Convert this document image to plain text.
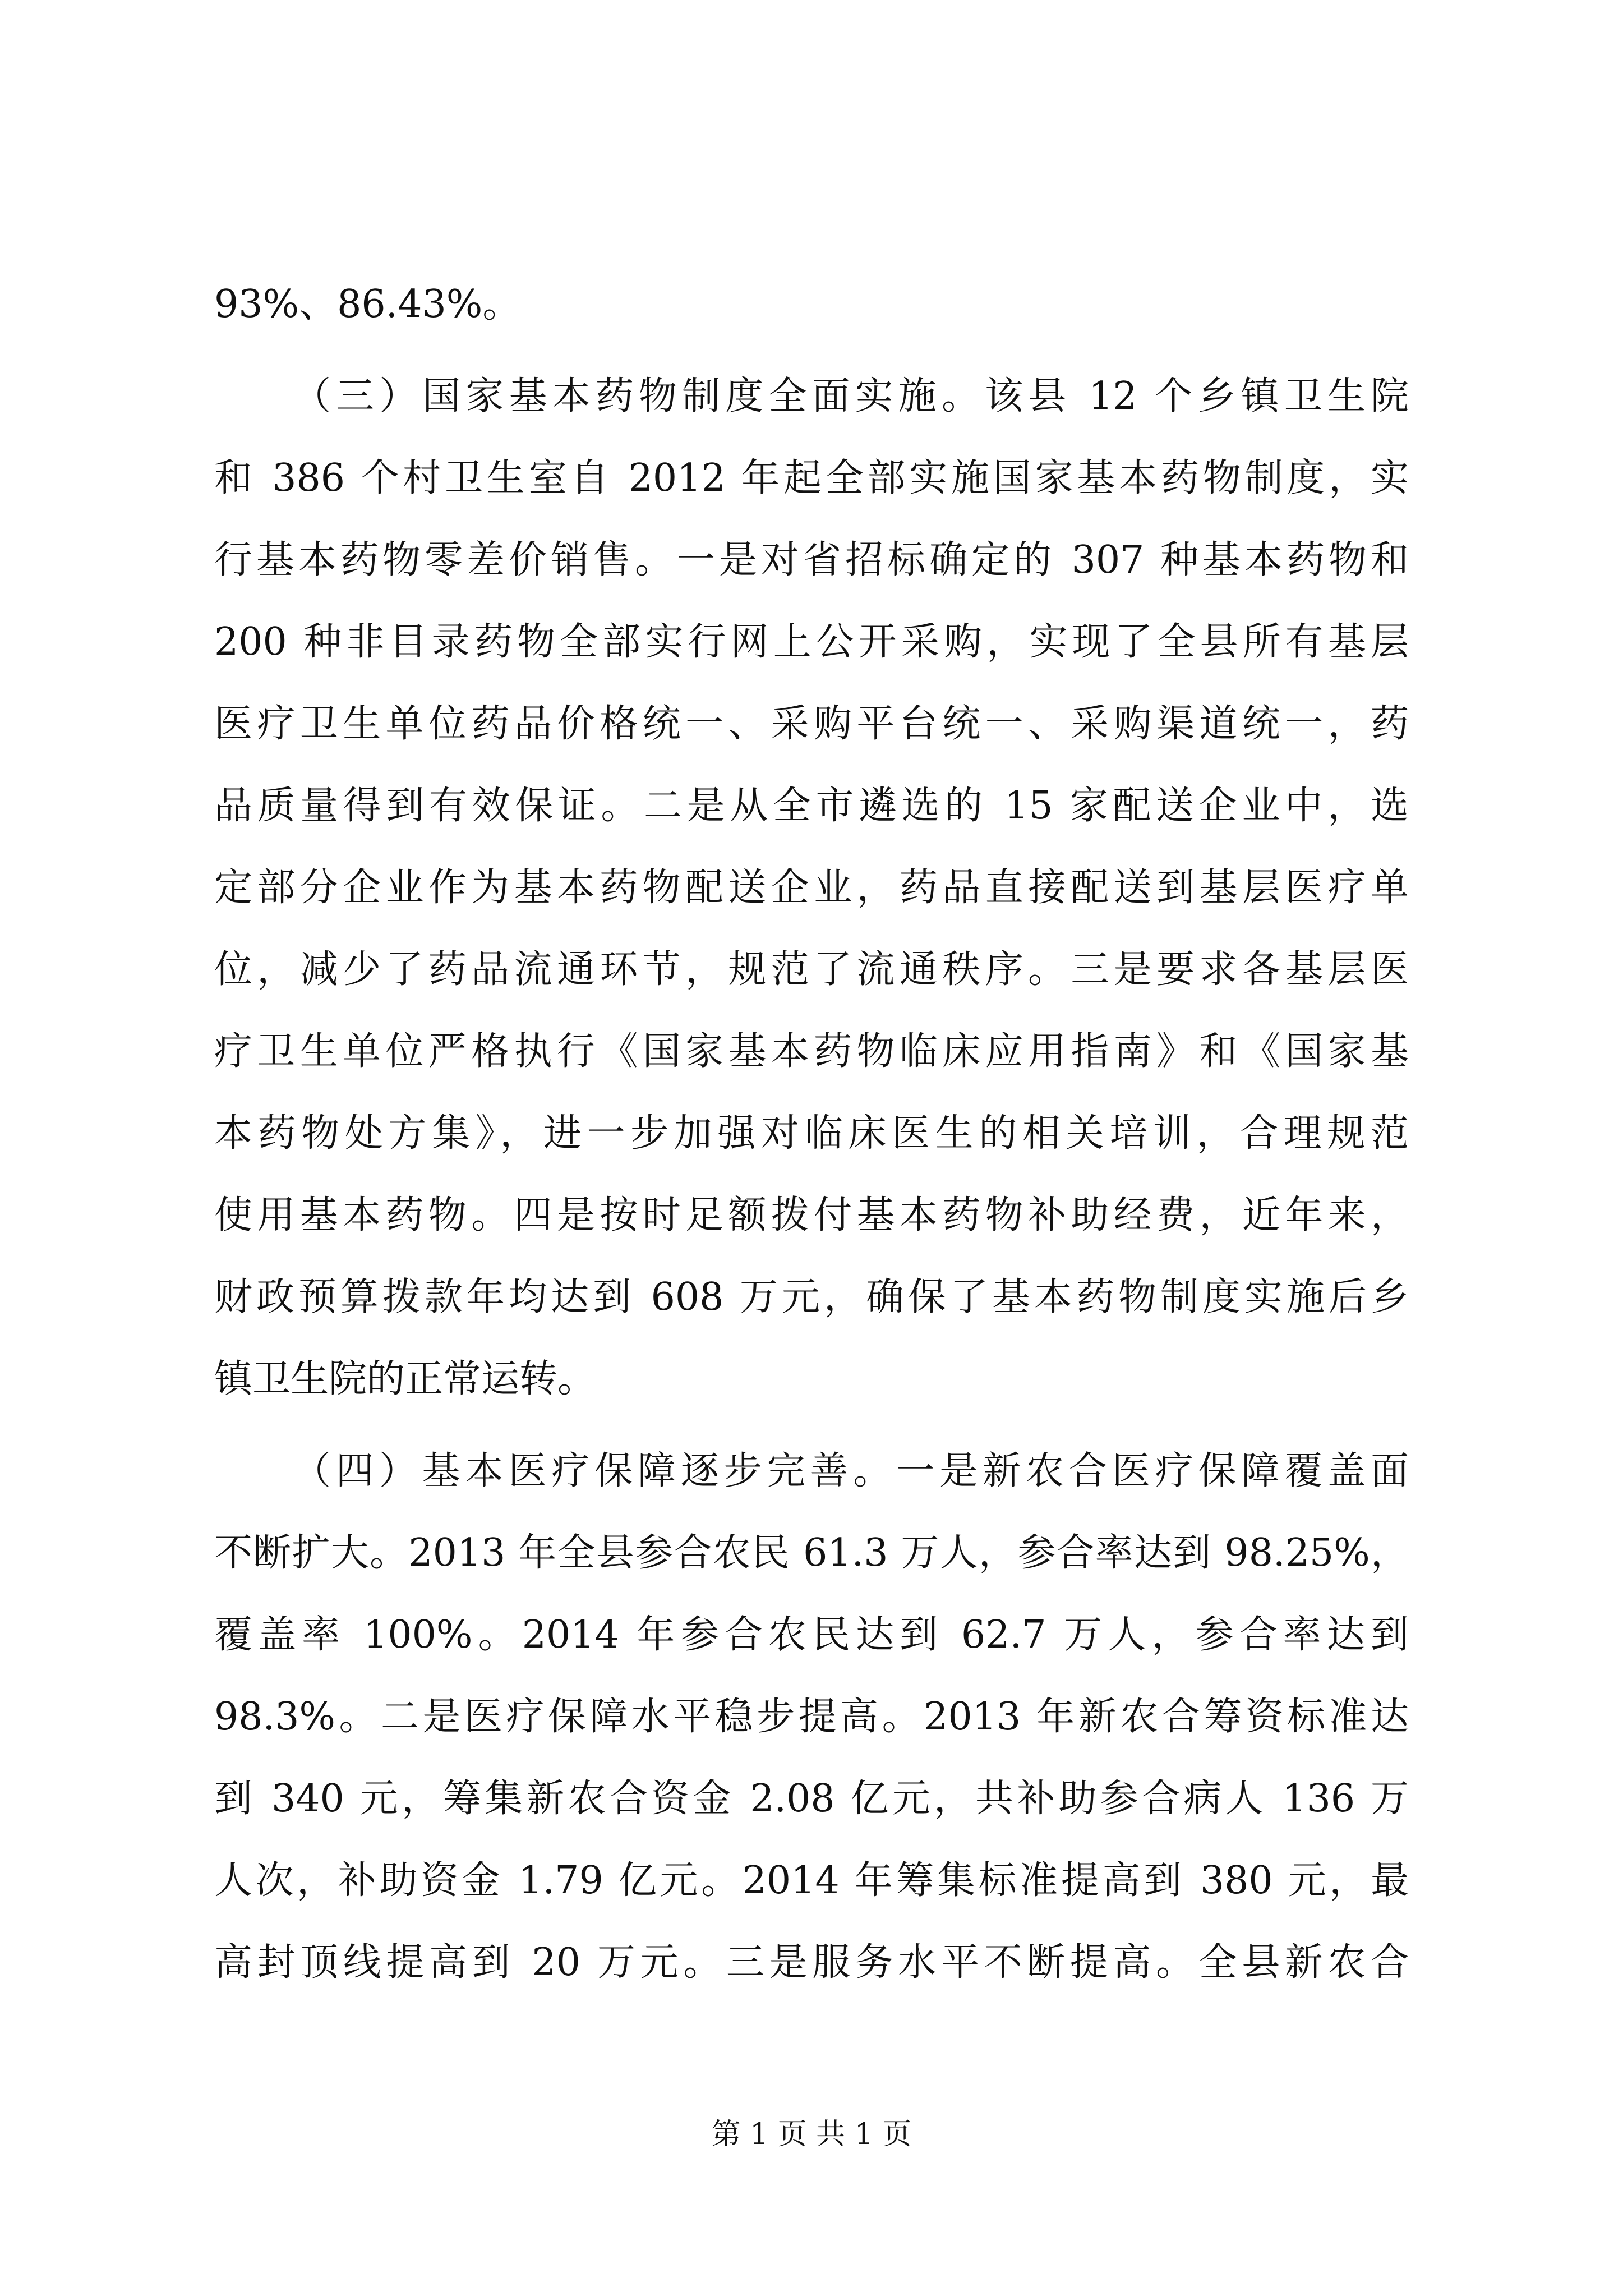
93%、86.43%。
（三）国家基本药物制度全面实施。该县 12 个乡镇卫生院
和 386 个村卫生室自 2012 年起全部实施国家基本药物制度，实
行基本药物零差价销售。一是对省招标确定的 307 种基本药物和
200 种非目录药物全部实行网上公开采购，实现了全县所有基层
医疗卫生单位药品价格统一、采购平台统一、采购渠道统一，药
品质量得到有效保证。二是从全市遴选的 15 家配送企业中，选
定部分企业作为基本药物配送企业，药品直接配送到基层医疗单
位，减少了药品流通环节，规范了流通秩序。三是要求各基层医
疗卫生单位严格执行《国家基本药物临床应用指南》和《国家基
本药物处方集》，进一步加强对临床医生的相关培训，合理规范
使用基本药物。四是按时足额拨付基本药物补助经费，近年来，
财政预算拨款年均达到 608 万元，确保了基本药物制度实施后乡
镇卫生院的正常运转。
（四）基本医疗保障逐步完善。一是新农合医疗保障覆盖面
不断扩大。2013 年全县参合农民 61.3 万人，参合率达到 98.25%，
覆盖率 100%。2014 年参合农民达到 62.7 万人，参合率达到
98.3%。二是医疗保障水平稳步提高。2013 年新农合筹资标准达
到 340 元，筹集新农合资金 2.08 亿元，共补助参合病人 136 万
人次，补助资金 1.79 亿元。2014 年筹集标准提高到 380 元，最
高封顶线提高到 20 万元。三是服务水平不断提高。全县新农合
第 1 页 共 1 页
